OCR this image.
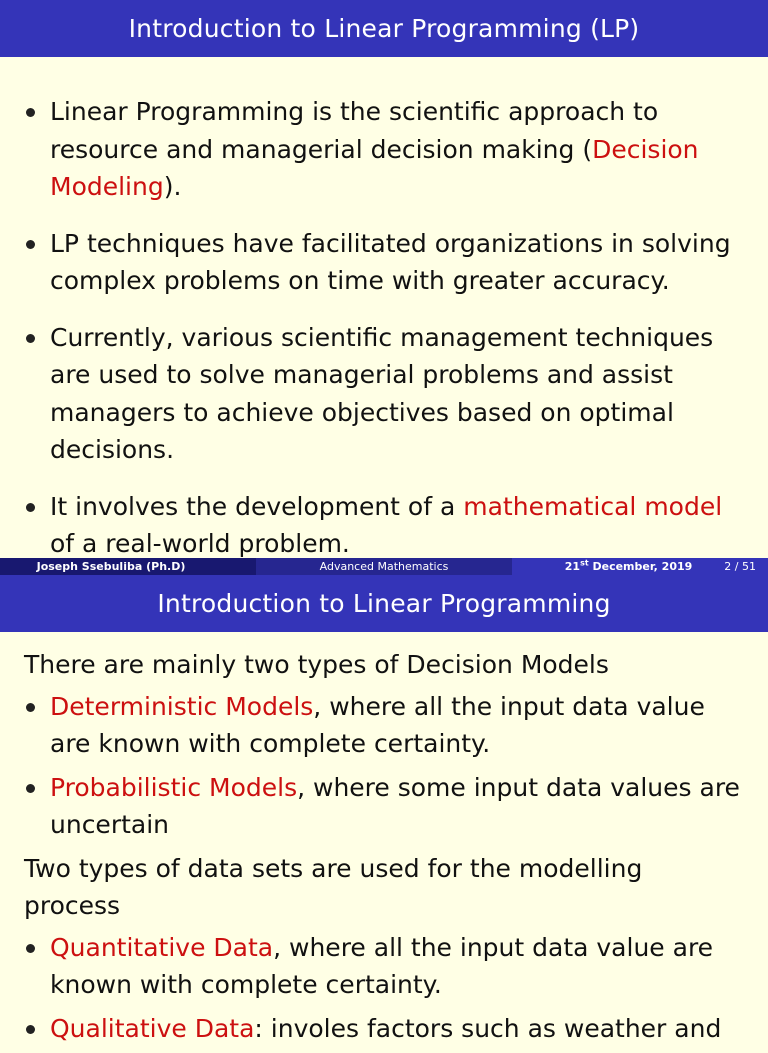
Introduction to Linear Programming (LP)
Linear Programming is the scientific approach to resource and managerial decision making (Decision Modeling).
LP techniques have facilitated organizations in solving complex problems on time with greater accuracy.
Currently, various scientific management techniques are used to solve managerial problems and assist managers to achieve objectives based on optimal decisions.
It involves the development of a mathematical model of a real-world problem.
Joseph Ssebuliba (Ph.D)	Advanced Mathematics	21st December, 2019	2 / 51
Introduction to Linear Programming
There are mainly two types of Decision Models
Deterministic Models, where all the input data value are known with complete certainty.
Probabilistic Models, where some input data values are uncertain
Two types of data sets are used for the modelling process
Quantitative Data, where all the input data value are known with complete certainty.
Qualitative Data: involes factors such as weather and
